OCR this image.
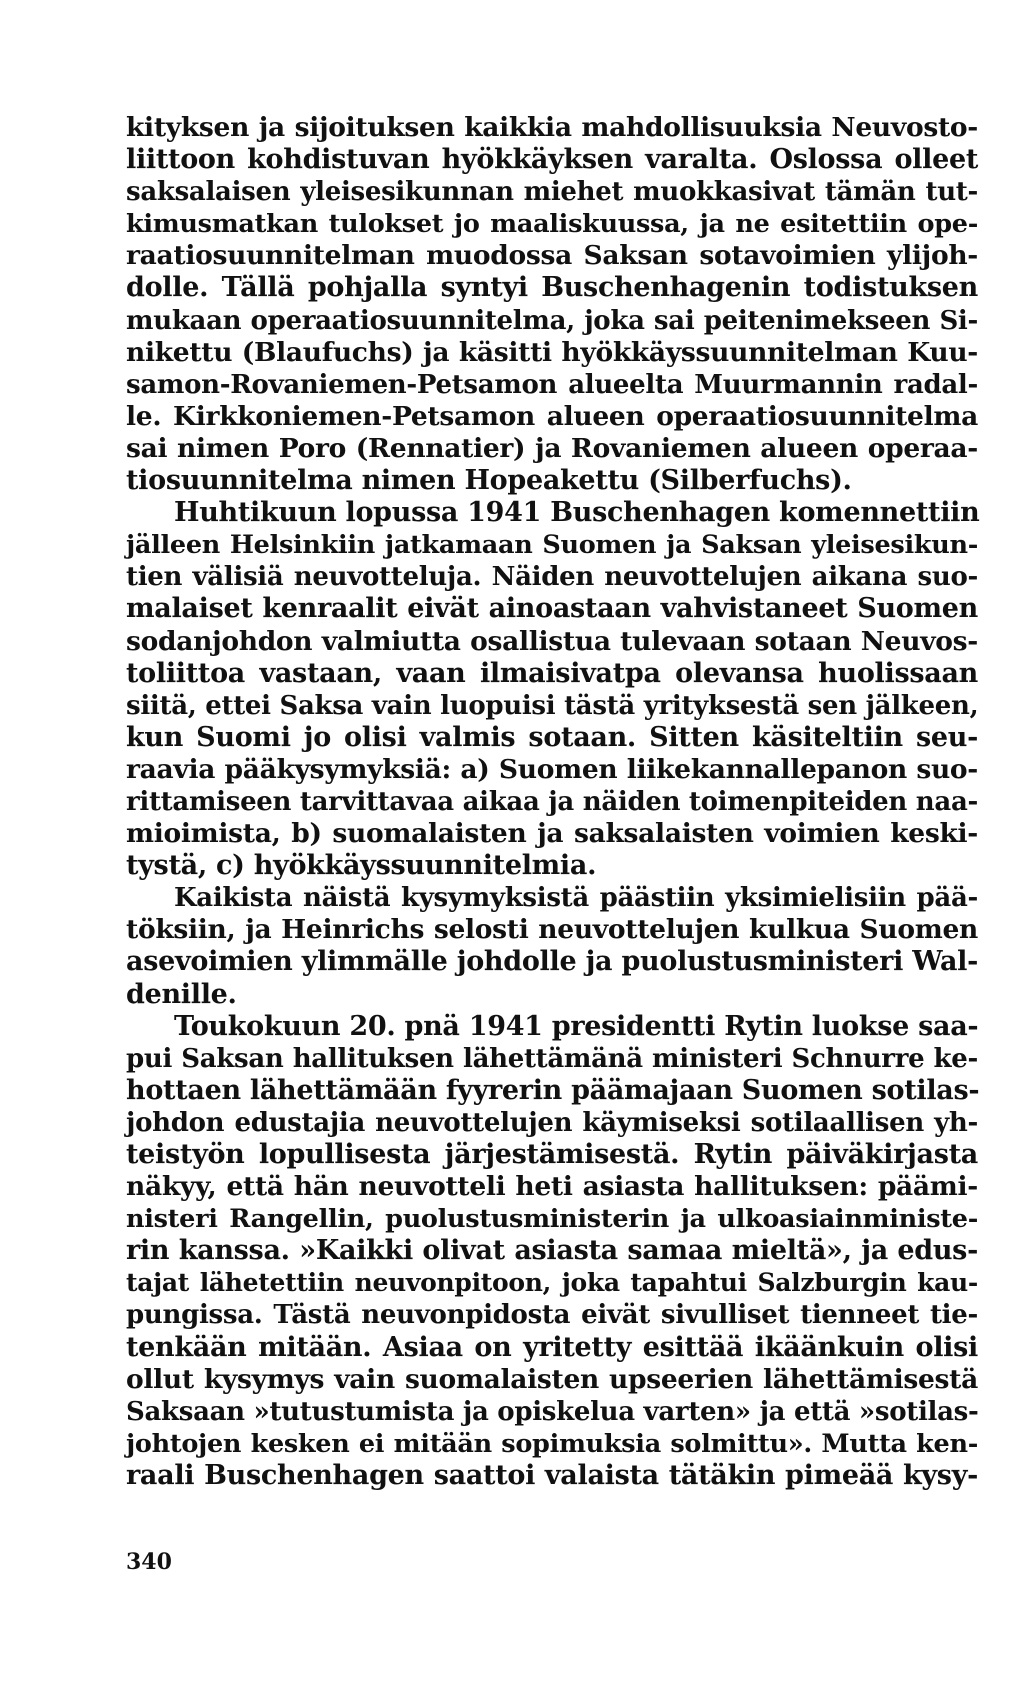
kityksen ja sijoituksen kaikkia mahdollisuuksia Neuvosto-
liittoon kohdistuvan hyökkäyksen varalta. Oslossa olleet
saksalaisen yleisesikunnan miehet muokkasivat tämän tut-
kimusmatkan tulokset jo maaliskuussa, ja ne esitettiin ope-
raatiosuunnitelman muodossa Saksan sotavoimien ylijoh-
dolle. Tällä pohjalla syntyi Buschenhagenin todistuksen
mukaan operaatiosuunnitelma, joka sai peitenimekseen Si-
nikettu (Blaufuchs) ja käsitti hyökkäyssuunnitelman Kuu-
samon-Rovaniemen-Petsamon alueelta Muurmannin radal-
le. Kirkkoniemen-Petsamon alueen operaatiosuunnitelma
sai nimen Poro (Rennatier) ja Rovaniemen alueen operaa-
tiosuunnitelma nimen Hopeakettu (Silberfuchs).
Huhtikuun lopussa 1941 Buschenhagen komennettiin
jälleen Helsinkiin jatkamaan Suomen ja Saksan yleisesikun-
tien välisiä neuvotteluja. Näiden neuvottelujen aikana suo-
malaiset kenraalit eivät ainoastaan vahvistaneet Suomen
sodanjohdon valmiutta osallistua tulevaan sotaan Neuvos-
toliittoa vastaan, vaan ilmaisivatpa olevansa huolissaan
siitä, ettei Saksa vain luopuisi tästä yrityksestä sen jälkeen,
kun Suomi jo olisi valmis sotaan. Sitten käsiteltiin seu-
raavia pääkysymyksiä: a) Suomen liikekannallepanon suo-
rittamiseen tarvittavaa aikaa ja näiden toimenpiteiden naa-
mioimista, b) suomalaisten ja saksalaisten voimien keski-
tystä, c) hyökkäyssuunnitelmia.
Kaikista näistä kysymyksistä päästiin yksimielisiin pää-
töksiin, ja Heinrichs selosti neuvottelujen kulkua Suomen
asevoimien ylimmälle johdolle ja puolustusministeri Wal-
denille.
Toukokuun 20. pnä 1941 presidentti Rytin luokse saa-
pui Saksan hallituksen lähettämänä ministeri Schnurre ke-
hottaen lähettämään fyyrerin päämajaan Suomen sotilas-
johdon edustajia neuvottelujen käymiseksi sotilaallisen yh-
teistyön lopullisesta järjestämisestä. Rytin päiväkirjasta
näkyy, että hän neuvotteli heti asiasta hallituksen: päämi-
nisteri Rangellin, puolustusministerin ja ulkoasiainministe-
rin kanssa. »Kaikki olivat asiasta samaa mieltä», ja edus-
tajat lähetettiin neuvonpitoon, joka tapahtui Salzburgin kau-
pungissa. Tästä neuvonpidosta eivät sivulliset tienneet tie-
tenkään mitään. Asiaa on yritetty esittää ikäänkuin olisi
ollut kysymys vain suomalaisten upseerien lähettämisestä
Saksaan »tutustumista ja opiskelua varten» ja että »sotilas-
johtojen kesken ei mitään sopimuksia solmittu». Mutta ken-
raali Buschenhagen saattoi valaista tätäkin pimeää kysy-
340
